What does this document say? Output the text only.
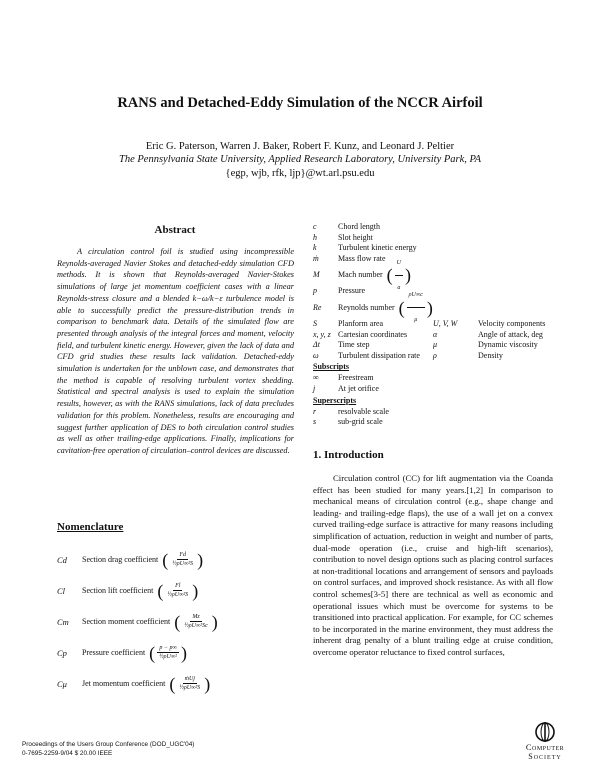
RANS and Detached-Eddy Simulation of the NCCR Airfoil
Eric G. Paterson, Warren J. Baker, Robert F. Kunz, and Leonard J. Peltier
The Pennsylvania State University, Applied Research Laboratory, University Park, PA
{egp, wjb, rfk, ljp}@wt.arl.psu.edu
Abstract

A circulation control foil is studied using incompressible Reynolds-averaged Navier Stokes and detached-eddy simulation CFD methods. It is shown that Reynolds-averaged Navier-Stokes simulations of large jet momentum coefficient cases with a linear Reynolds-stress closure and a blended k−ω/k−ε turbulence model is able to successfully predict the pressure-distribution trends in comparison to benchmark data. Details of the simulated flow are presented through analysis of the integral forces and moment, velocity field, and turbulent kinetic energy. However, given the lack of data and CFD grid studies these results lack validation. Detached-eddy simulation is undertaken for the unblown case, and demonstrates that the method is capable of resolving turbulent vortex shedding. Statistical and spectral analysis is used to explain the simulation results, however, as with the RANS simulations, lack of data precludes validation for this problem. Nonetheless, results are encouraging and suggest further application of DES to both circulation control studies as well as other trailing-edge applications. Finally, implications for cavitation-free operation of circulation–control devices are discussed.

Nomenclature
Cd	Section drag coefficient ( $\frac{Fd}{\text{½ρU∞²S}}$ )
Cl	Section lift coefficient ( $\frac{Fl}{\text{½ρU∞²S}}$ )
Cm	Section moment coefficient ( $\frac{Mz}{\text{½ρU∞²Sc}}$ )
Cp	Pressure coefficient ( $\frac{p - p\infty}{\text{½ρU∞²}}$ )
Cμ	Jet momentum coefficient (	ṁUj
½ρU∞²S )
c	Chord length
h	Slot height
k	Turbulent kinetic energy
ṁ	Mass flow rate
M	Mach number ( $\frac{U}{a}$ )
p	Pressure
Re	Reynolds number ( $\frac{\rho U\infty c}{\mu}$ )
S	Planform area	U, V, W	Velocity components
x, y, z Cartesian coordinates	α	Angle of attack, deg
Δt	Time step	μ	Dynamic viscosity
ω	Turbulent dissipation rate	ρ	Density
Subscripts
∞	Freestream
j	At jet orifice
Superscripts
r	resolvable scale
s	sub-grid scale
1. Introduction

Circulation control (CC) for lift augmentation via the Coanda effect has been studied for many years.[1,2] In comparison to mechanical means of circulation control (e.g., shape change and leading- and trailing-edge flaps), the use of a wall jet on a convex curved trailing-edge surface is attractive for many reasons including simplification of actuation, reduction in weight and number of parts, dual-mode operation (i.e., cruise and high-lift scenarios), contribution to novel design options such as placing control surfaces at non-traditional locations and arrangement of sensors and payloads on control surfaces, and improved shock resistance. As with all flow control schemes[3-5] there are technical as well as economic and operational issues which must be overcome for systems to be transitioned into practical application. For example, for CC schemes to be incorporated in the marine environment, they must address the inherent drag penalty of a blunt trailing edge at cruise condition, overcome operator reluctance to fixed control surfaces,

Proceedings of the Users Group Conference (DOD_UGC'04)
0-7695-2259-9/04 $ 20.00 IEEE
Computer
Society
